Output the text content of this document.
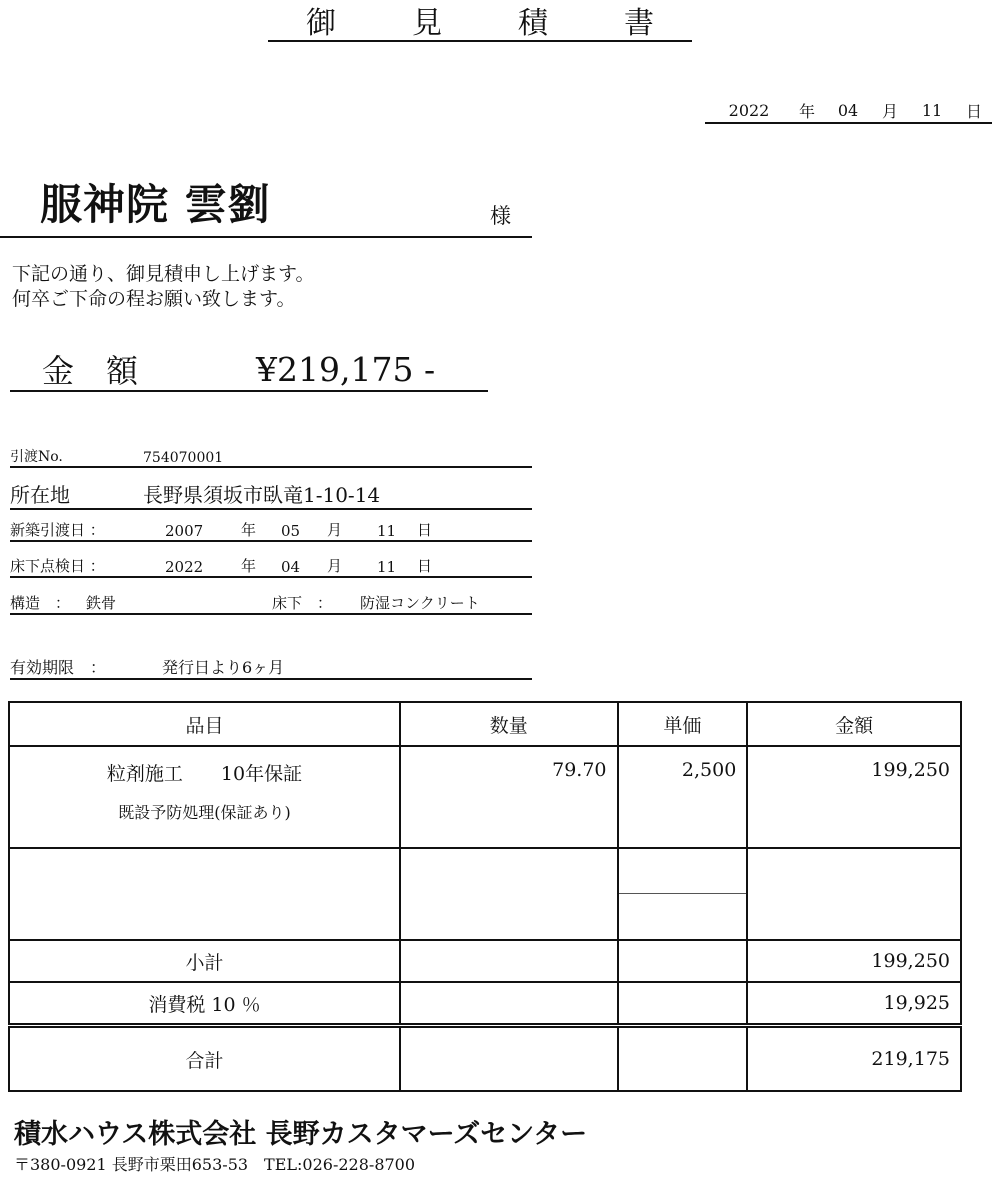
御	見	積	書
2022	年	04	月	11	日
服神院 雲劉	様
下記の通り、御見積申し上げます。
何卒ご下命の程お願い致します。
金　額	¥219,175 -
引渡No.	754070001
所在地	長野県須坂市臥竜1-10-14
新築引渡日 ：	2007	年	05	月	11	日
床下点検日 ：	2022	年	04	月	11	日
構造　：	鉄骨	床下　：	防湿コンクリート
有効期限　：	発行日より6ヶ月
品目	数量	単価	金額

粒剤施工　　10年保証
既設予防処理(保証あり)	79.70	2,500	199,250

小計			199,250
消費税 10 ％			19,925
合計			219,175
積水ハウス株式会社 長野カスタマーズセンター
〒380-0921 長野市栗田653-53　TEL:026-228-8700
